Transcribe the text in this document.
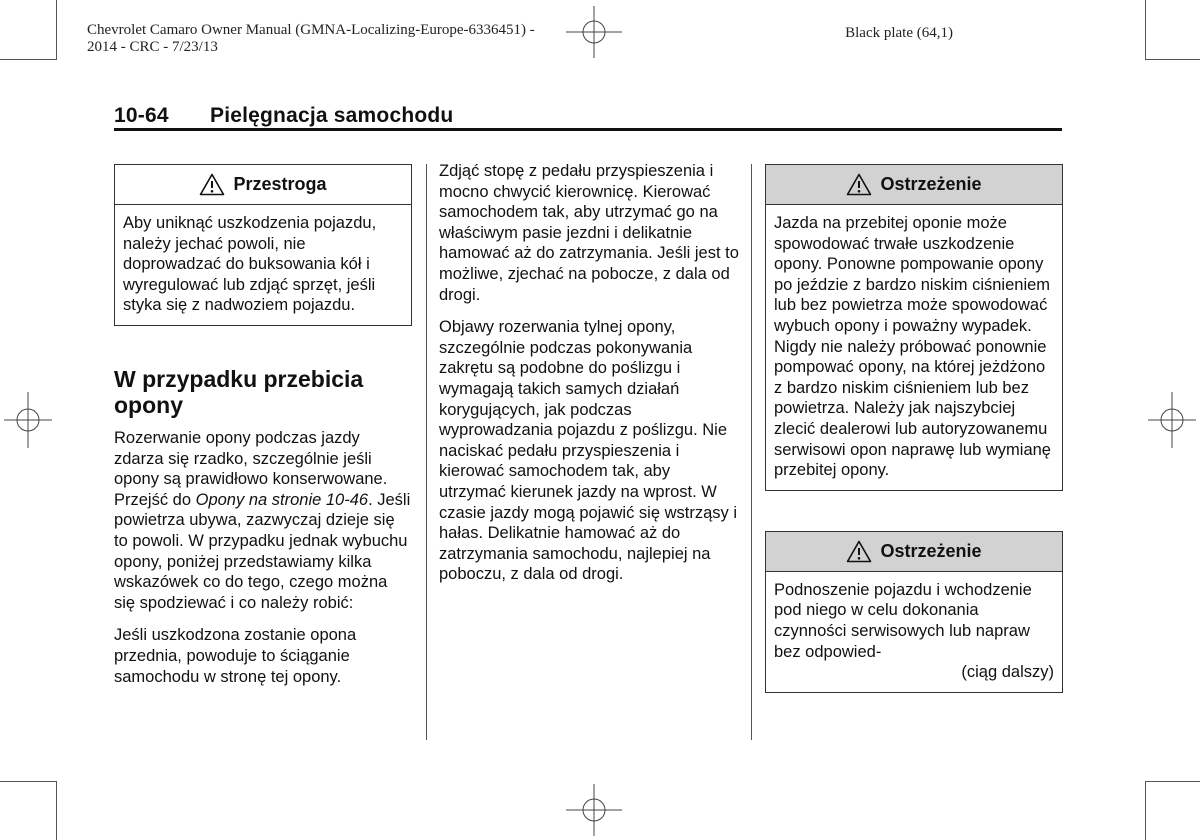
Chevrolet Camaro Owner Manual (GMNA-Localizing-Europe-6336451) -
2014 - CRC - 7/23/13
Black plate (64,1)
10-64 Pielęgnacja samochodu
Przestroga
Aby uniknąć uszkodzenia pojazdu, należy jechać powoli, nie doprowadzać do buksowania kół i wyregulować lub zdjąć sprzęt, jeśli styka się z nadwoziem pojazdu.
W przypadku przebicia opony

Rozerwanie opony podczas jazdy zdarza się rzadko, szczególnie jeśli opony są prawidłowo konserwowane. Przejść do Opony na stronie 10-46. Jeśli powietrza ubywa, zazwyczaj dzieje się to powoli. W przypadku jednak wybuchu opony, poniżej przedstawiamy kilka wskazówek co do tego, czego można się spodziewać i co należy robić:

Jeśli uszkodzona zostanie opona przednia, powoduje to ściąganie samochodu w stronę tej opony.

Zdjąć stopę z pedału przyspieszenia i mocno chwycić kierownicę. Kierować samochodem tak, aby utrzymać go na właściwym pasie jezdni i delikatnie hamować aż do zatrzymania. Jeśli jest to możliwe, zjechać na pobocze, z dala od drogi.

Objawy rozerwania tylnej opony, szczególnie podczas pokonywania zakrętu są podobne do poślizgu i wymagają takich samych działań korygujących, jak podczas wyprowadzania pojazdu z poślizgu. Nie naciskać pedału przyspieszenia i kierować samochodem tak, aby utrzymać kierunek jazdy na wprost. W czasie jazdy mogą pojawić się wstrząsy i hałas. Delikatnie hamować aż do zatrzymania samochodu, najlepiej na poboczu, z dala od drogi.

Ostrzeżenie
Jazda na przebitej oponie może spowodować trwałe uszkodzenie opony. Ponowne pompowanie opony po jeździe z bardzo niskim ciśnieniem lub bez powietrza może spowodować wybuch opony i poważny wypadek. Nigdy nie należy próbować ponownie pompować opony, na której jeżdżono z bardzo niskim ciśnieniem lub bez powietrza. Należy jak najszybciej zlecić dealerowi lub autoryzowanemu serwisowi opon naprawę lub wymianę przebitej opony.
Ostrzeżenie
Podnoszenie pojazdu i wchodzenie pod niego w celu dokonania czynności serwisowych lub napraw bez odpowied-
(ciąg dalszy)
